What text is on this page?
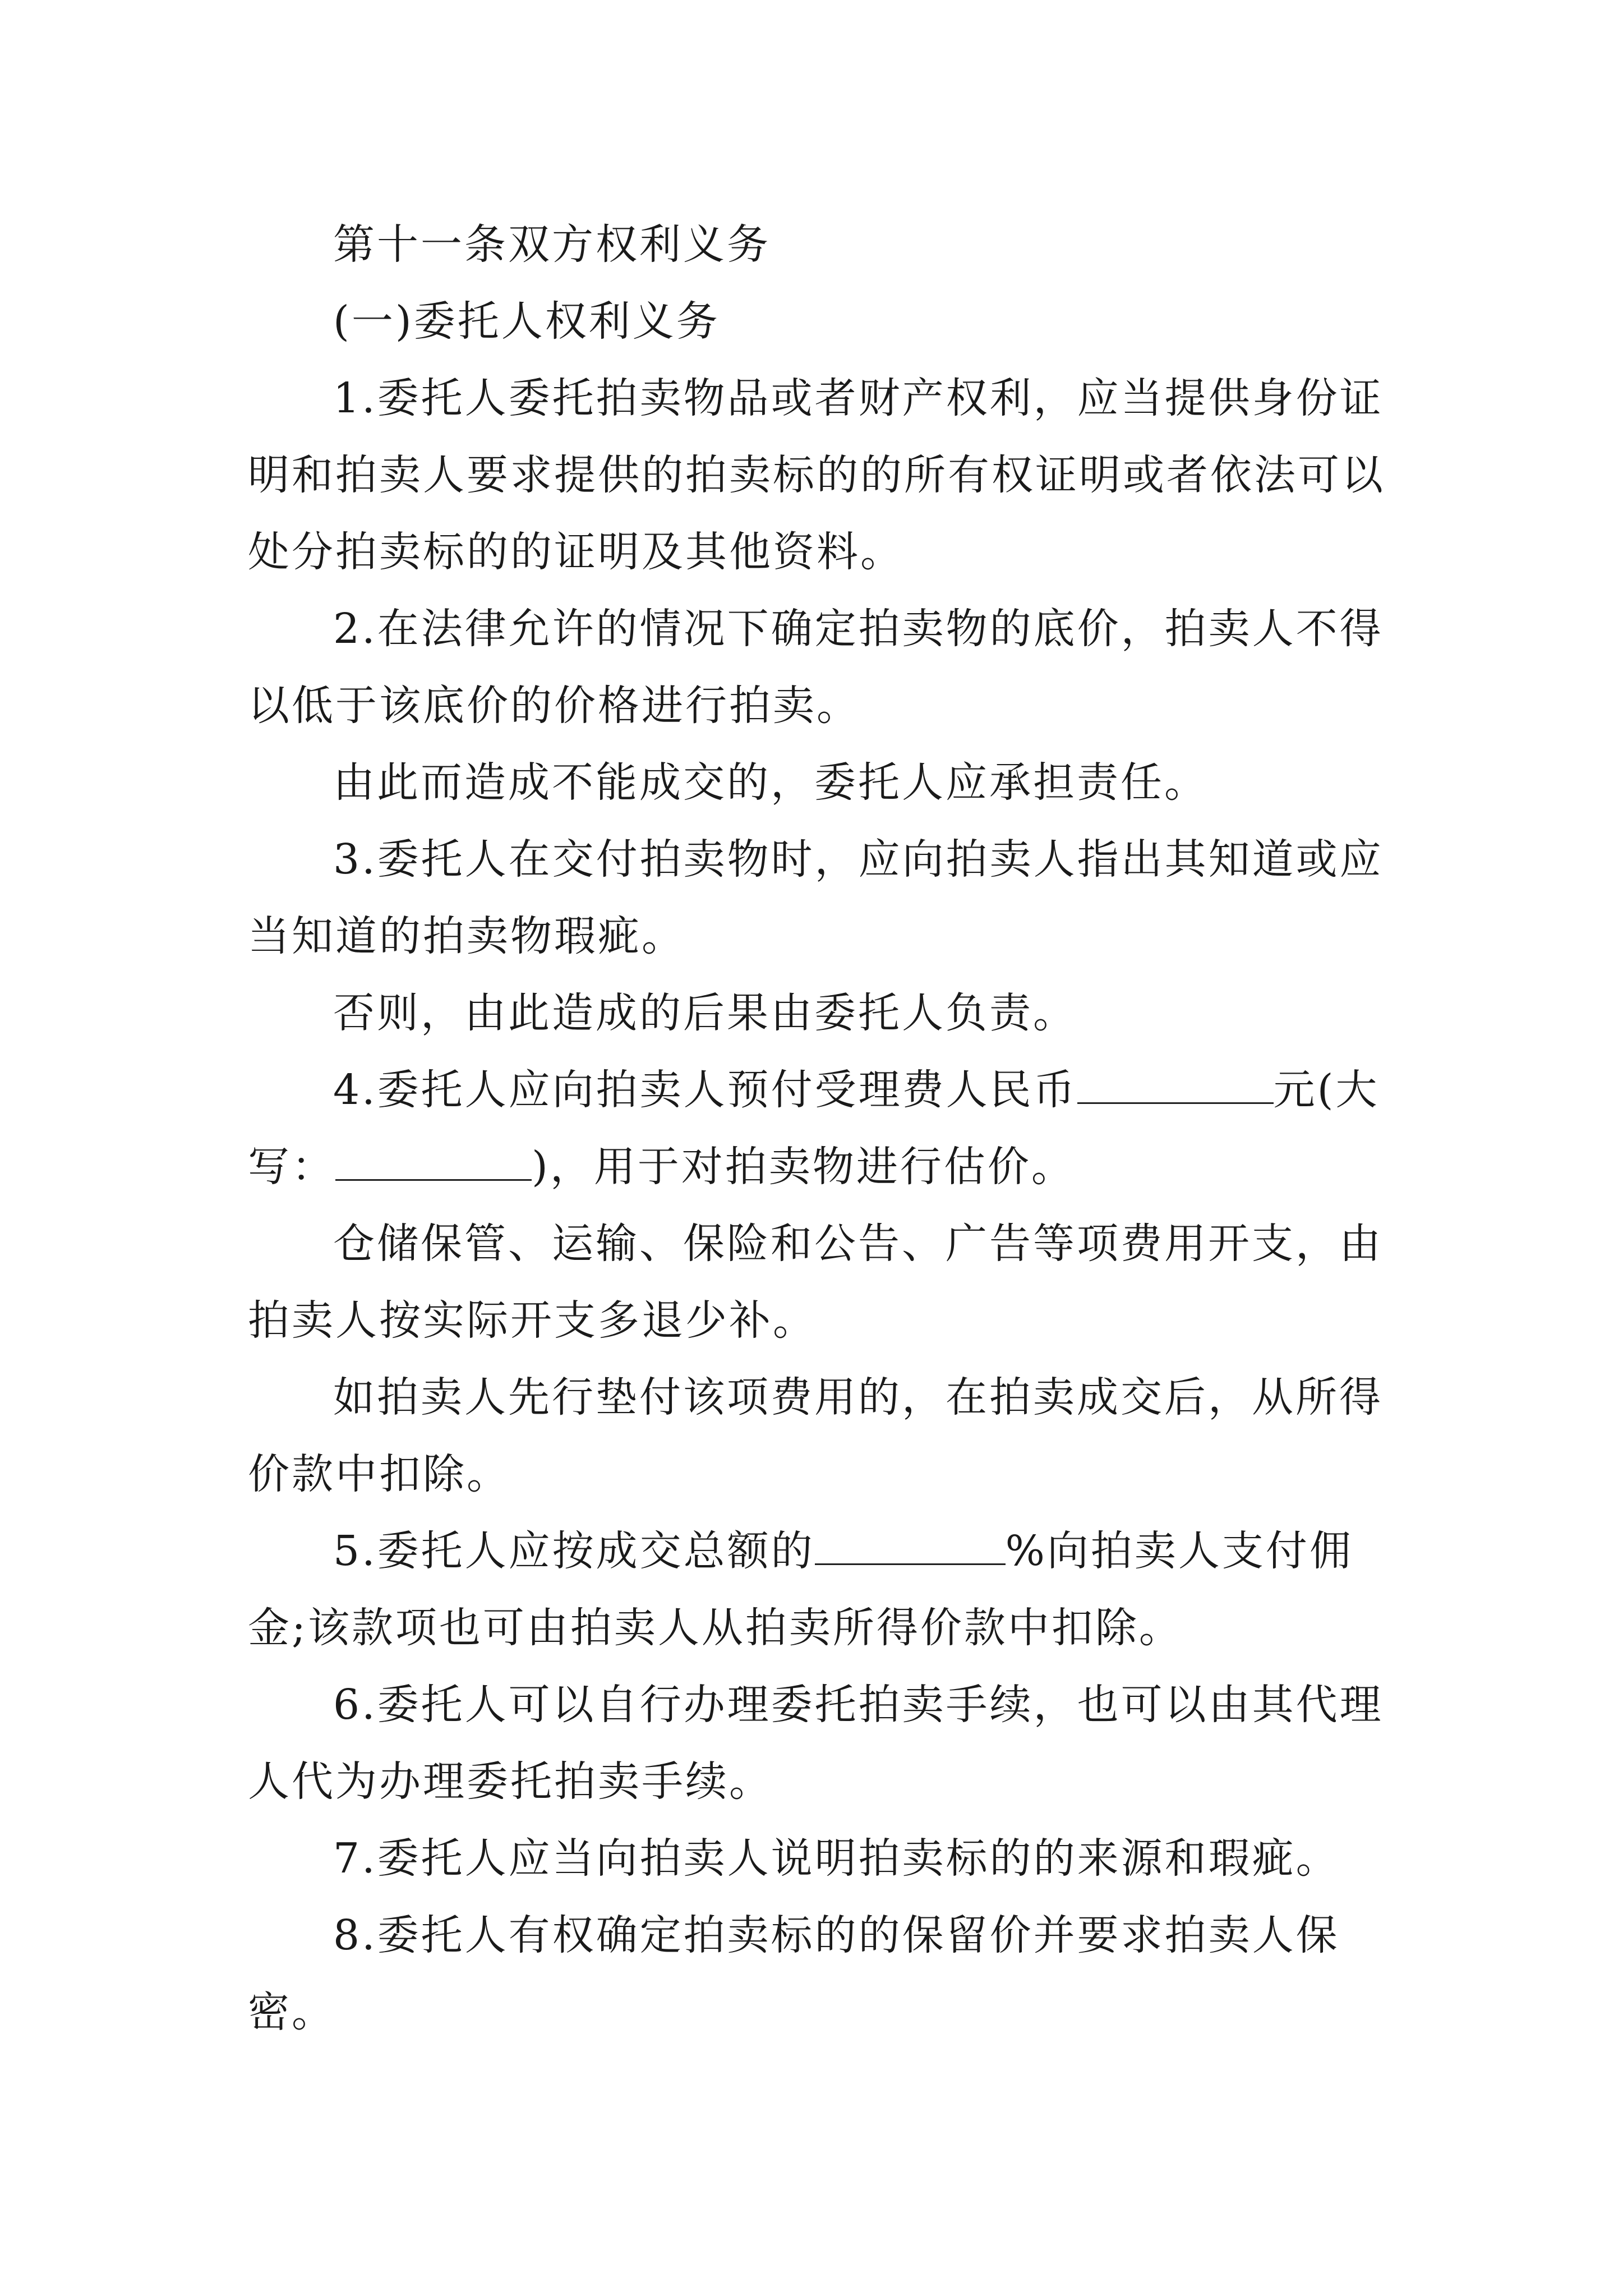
第十一条双方权利义务

(一)委托人权利义务

1.委托人委托拍卖物品或者财产权利，应当提供身份证明和拍卖人要求提供的拍卖标的的所有权证明或者依法可以处分拍卖标的的证明及其他资料。

2.在法律允许的情况下确定拍卖物的底价，拍卖人不得以低于该底价的价格进行拍卖。

由此而造成不能成交的，委托人应承担责任。

3.委托人在交付拍卖物时，应向拍卖人指出其知道或应当知道的拍卖物瑕疵。

否则，由此造成的后果由委托人负责。

4.委托人应向拍卖人预付受理费人民币	元(大写：	)，用于对拍卖物进行估价。

仓储保管、运输、保险和公告、广告等项费用开支，由拍卖人按实际开支多退少补。

如拍卖人先行垫付该项费用的，在拍卖成交后，从所得价款中扣除。

5.委托人应按成交总额的	%向拍卖人支付佣金;该款项也可由拍卖人从拍卖所得价款中扣除。

6.委托人可以自行办理委托拍卖手续，也可以由其代理人代为办理委托拍卖手续。

7.委托人应当向拍卖人说明拍卖标的的来源和瑕疵。

8.委托人有权确定拍卖标的的保留价并要求拍卖人保密。
